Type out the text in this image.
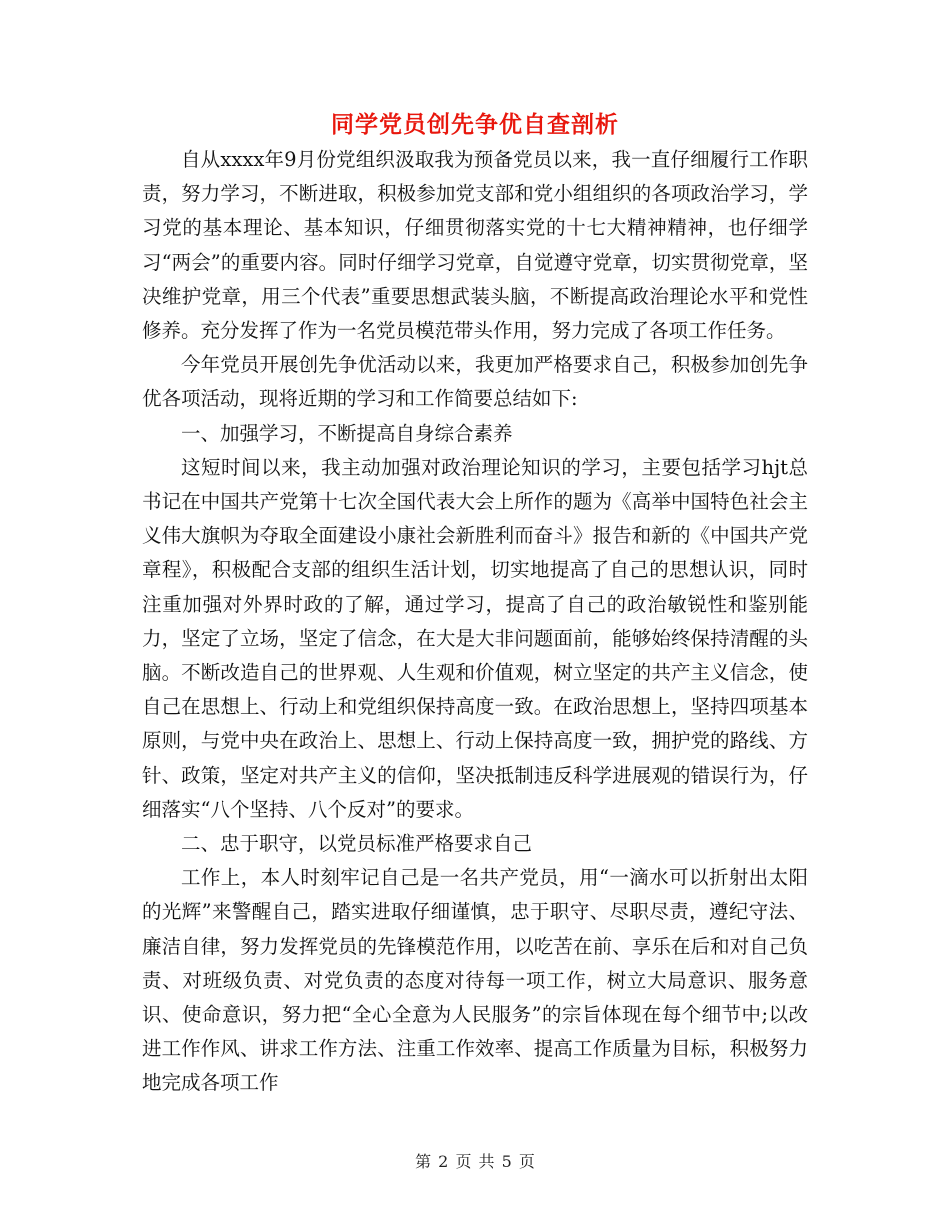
同学党员创先争优自查剖析

自从xxxx年9月份党组织汲取我为预备党员以来，我一直仔细履行工作职责，努力学习，不断进取，积极参加党支部和党小组组织的各项政治学习，学习党的基本理论、基本知识，仔细贯彻落实党的十七大精神精神，也仔细学习“两会”的重要内容。同时仔细学习党章，自觉遵守党章，切实贯彻党章，坚决维护党章，用三个代表”重要思想武装头脑，不断提高政治理论水平和党性修养。充分发挥了作为一名党员模范带头作用，努力完成了各项工作任务。

今年党员开展创先争优活动以来，我更加严格要求自己，积极参加创先争优各项活动，现将近期的学习和工作简要总结如下:

一、加强学习，不断提高自身综合素养

这短时间以来，我主动加强对政治理论知识的学习，主要包括学习hjt总书记在中国共产党第十七次全国代表大会上所作的题为《高举中国特色社会主义伟大旗帜为夺取全面建设小康社会新胜利而奋斗》报告和新的《中国共产党章程》，积极配合支部的组织生活计划，切实地提高了自己的思想认识，同时注重加强对外界时政的了解，通过学习，提高了自己的政治敏锐性和鉴别能力，坚定了立场，坚定了信念，在大是大非问题面前，能够始终保持清醒的头脑。不断改造自己的世界观、人生观和价值观，树立坚定的共产主义信念，使自己在思想上、行动上和党组织保持高度一致。在政治思想上，坚持四项基本原则，与党中央在政治上、思想上、行动上保持高度一致，拥护党的路线、方针、政策，坚定对共产主义的信仰，坚决抵制违反科学进展观的错误行为，仔细落实“八个坚持、八个反对”的要求。

二、忠于职守，以党员标准严格要求自己

工作上，本人时刻牢记自己是一名共产党员，用“一滴水可以折射出太阳的光辉”来警醒自己，踏实进取仔细谨慎，忠于职守、尽职尽责，遵纪守法、廉洁自律，努力发挥党员的先锋模范作用，以吃苦在前、享乐在后和对自己负责、对班级负责、对党负责的态度对待每一项工作，树立大局意识、服务意识、使命意识，努力把“全心全意为人民服务”的宗旨体现在每个细节中;以改进工作作风、讲求工作方法、注重工作效率、提高工作质量为目标，积极努力地完成各项工作

第 2 页 共 5 页
